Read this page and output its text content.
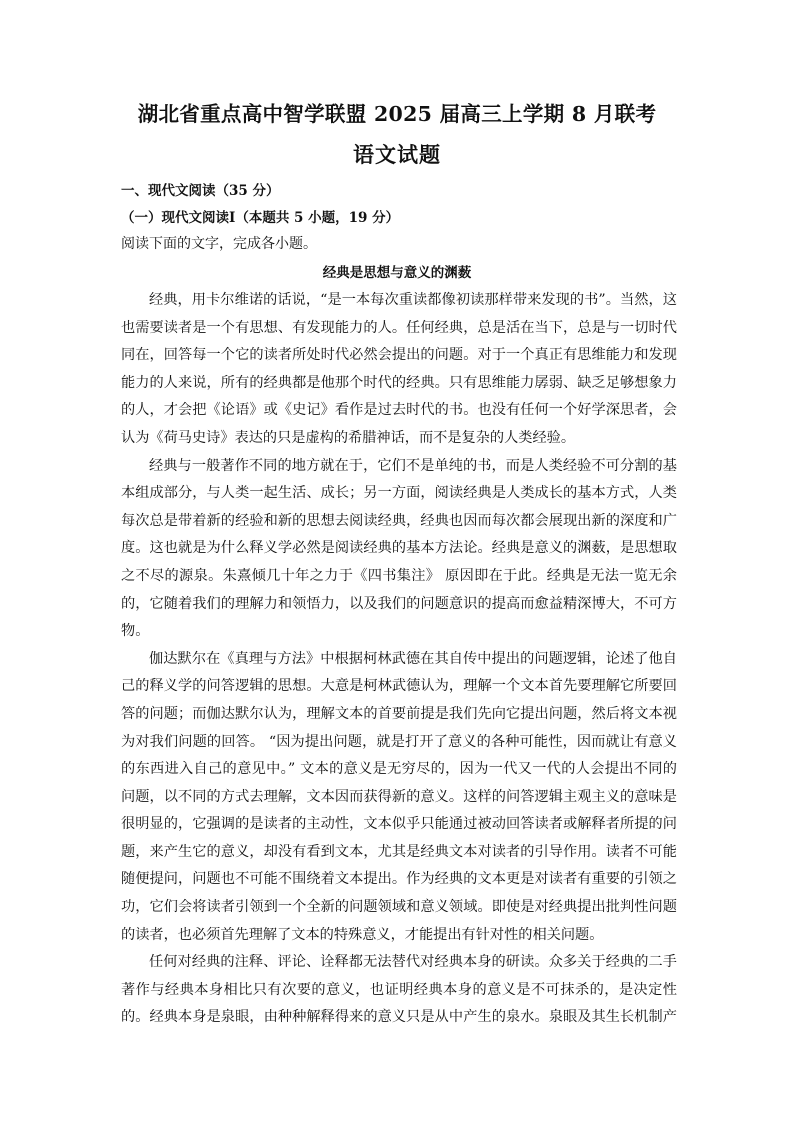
湖北省重点高中智学联盟 2025 届高三上学期 8 月联考
语文试题
一、现代文阅读（35 分）
（一）现代文阅读Ⅰ（本题共 5 小题，19 分）
阅读下面的文字，完成各小题。
经典是思想与意义的渊薮
经典，用卡尔维诺的话说，“是一本每次重读都像初读那样带来发现的书”。当然，这
也需要读者是一个有思想、有发现能力的人。任何经典，总是活在当下，总是与一切时代
同在，回答每一个它的读者所处时代必然会提出的问题。对于一个真正有思维能力和发现
能力的人来说，所有的经典都是他那个时代的经典。只有思维能力孱弱、缺乏足够想象力
的人，才会把《论语》或《史记》看作是过去时代的书。也没有任何一个好学深思者，会
认为《荷马史诗》表达的只是虚构的希腊神话，而不是复杂的人类经验。
经典与一般著作不同的地方就在于，它们不是单纯的书，而是人类经验不可分割的基
本组成部分，与人类一起生活、成长；另一方面，阅读经典是人类成长的基本方式，人类
每次总是带着新的经验和新的思想去阅读经典，经典也因而每次都会展现出新的深度和广
度。这也就是为什么释义学必然是阅读经典的基本方法论。经典是意义的渊薮，是思想取
之不尽的源泉。朱熹倾几十年之力于《四书集注》 原因即在于此。经典是无法一览无余
的，它随着我们的理解力和领悟力，以及我们的问题意识的提高而愈益精深博大，不可方
物。
伽达默尔在《真理与方法》中根据柯林武德在其自传中提出的问题逻辑，论述了他自
己的释义学的问答逻辑的思想。大意是柯林武德认为，理解一个文本首先要理解它所要回
答的问题；而伽达默尔认为，理解文本的首要前提是我们先向它提出问题，然后将文本视
为对我们问题的回答。 “因为提出问题，就是打开了意义的各种可能性，因而就让有意义
的东西进入自己的意见中。” 文本的意义是无穷尽的，因为一代又一代的人会提出不同的
问题，以不同的方式去理解，文本因而获得新的意义。这样的问答逻辑主观主义的意味是
很明显的，它强调的是读者的主动性，文本似乎只能通过被动回答读者或解释者所提的问
题，来产生它的意义，却没有看到文本，尤其是经典文本对读者的引导作用。读者不可能
随便提问，问题也不可能不围绕着文本提出。作为经典的文本更是对读者有重要的引领之
功，它们会将读者引领到一个全新的问题领域和意义领域。即使是对经典提出批判性问题
的读者，也必须首先理解了文本的特殊意义，才能提出有针对性的相关问题。
任何对经典的注释、评论、诠释都无法替代对经典本身的研读。众多关于经典的二手
著作与经典本身相比只有次要的意义，也证明经典本身的意义是不可抹杀的，是决定性
的。经典本身是泉眼，由种种解释得来的意义只是从中产生的泉水。泉眼及其生长机制产
